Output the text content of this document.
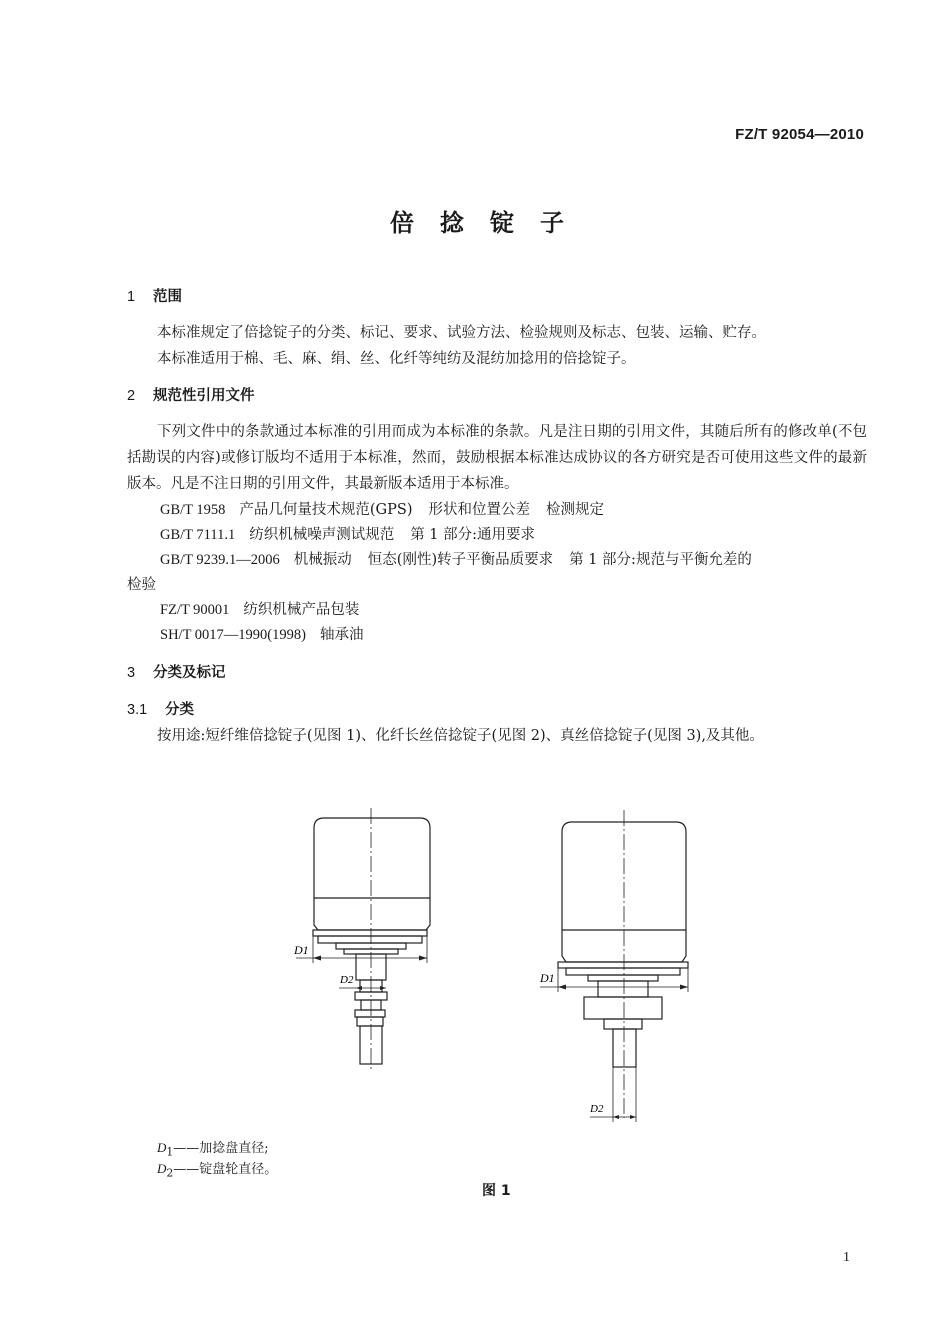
FZ/T 92054—2010
倍捻锭子
1 范围
本标准规定了倍捻锭子的分类、标记、要求、试验方法、检验规则及标志、包装、运输、贮存。
本标准适用于棉、毛、麻、绢、丝、化纤等纯纺及混纺加捻用的倍捻锭子。
2 规范性引用文件
下列文件中的条款通过本标准的引用而成为本标准的条款。凡是注日期的引用文件，其随后所有的修改单(不包括勘误的内容)或修订版均不适用于本标准，然而，鼓励根据本标准达成协议的各方研究是否可使用这些文件的最新版本。凡是不注日期的引用文件，其最新版本适用于本标准。
GB/T 1958 产品几何量技术规范(GPS) 形状和位置公差 检测规定
GB/T 7111.1 纺织机械噪声测试规范 第 1 部分:通用要求
GB/T 9239.1—2006 机械振动 恒态(刚性)转子平衡品质要求 第 1 部分:规范与平衡允差的
检验
FZ/T 90001 纺织机械产品包装
SH/T 0017—1990(1998) 轴承油
3 分类及标记
3.1 分类
按用途:短纤维倍捻锭子(见图 1)、化纤长丝倍捻锭子(见图 2)、真丝倍捻锭子(见图 3),及其他。
D1
D2	D1
D2
$D_1——$加捻盘直径;
$D_2——$锭盘轮直径。
图 1
1
